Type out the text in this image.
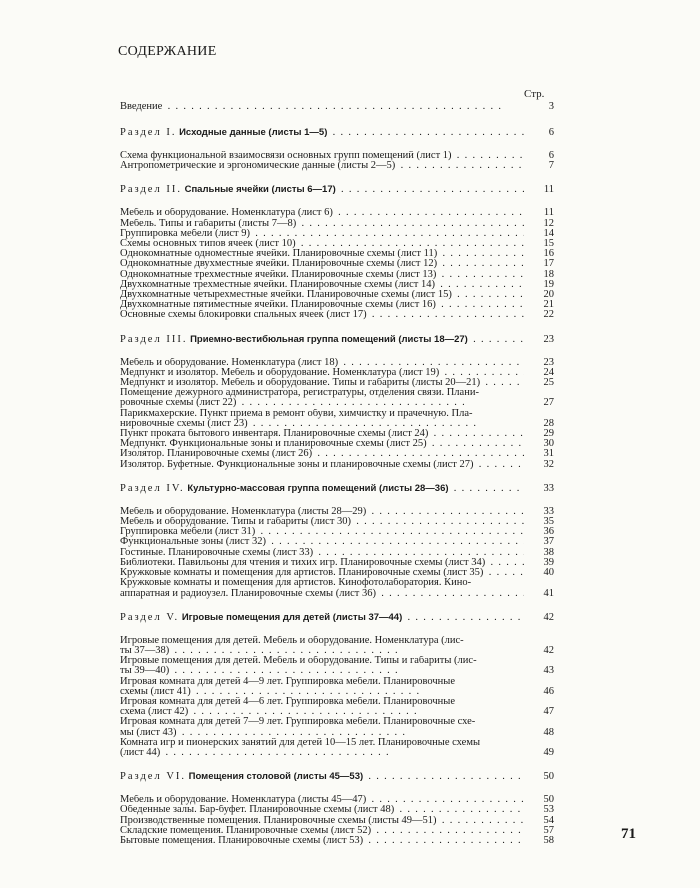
СОДЕРЖАНИЕ
Стр.
Введение . .	3
Раздел I. Исходные данные (листы 1—5) . .	6
Схема функциональной взаимосвязи основных групп помещений (лист 1) . .	6
Антропометрические и эргономические данные (листы 2—5) . .	7
Раздел II. Спальные ячейки (листы 6—17) . .	11
Мебель и оборудование. Номенклатура (лист 6) . .	11
Мебель. Типы и габариты (листы 7—8) . .	12
Группировка мебели (лист 9) . .	14
Схемы основных типов ячеек (лист 10) . .	15
Однокомнатные одноместные ячейки. Планировочные схемы (лист 11) . .	16
Однокомнатные двухместные ячейки. Планировочные схемы (лист 12) . .	17
Однокомнатные трехместные ячейки. Планировочные схемы (лист 13) . .	18
Двухкомнатные трехместные ячейки. Планировочные схемы (лист 14) . .	19
Двухкомнатные четырехместные ячейки. Планировочные схемы (лист 15) . .	20
Двухкомнатные пятиместные ячейки. Планировочные схемы (лист 16) . .	21
Основные схемы блокировки спальных ячеек (лист 17) . .	22
Раздел III. Приемно-вестибюльная группа помещений (листы 18—27) . .	23
Мебель и оборудование. Номенклатура (лист 18) . .	23
Медпункт и изолятор. Мебель и оборудование. Номенклатура (лист 19) . .	24
Медпункт и изолятор. Мебель и оборудование. Типы и габариты (листы 20—21) . .	25
Помещение дежурного администратора, регистратуры, отделения связи. Плани-
ровочные схемы (лист 22) . .	27
Парикмахерские. Пункт приема в ремонт обуви, химчистку и прачечную. Пла-
нировочные схемы (лист 23) . .	28
Пункт проката бытового инвентаря. Планировочные схемы (лист 24) . .	29
Медпункт. Функциональные зоны и планировочные схемы (лист 25) . .	30
Изолятор. Планировочные схемы (лист 26) . .	31
Изолятор. Буфетные. Функциональные зоны и планировочные схемы (лист 27) . .	32
Раздел IV. Культурно-массовая группа помещений (листы 28—36) . .	33
Мебель и оборудование. Номенклатура (листы 28—29) . .	33
Мебель и оборудование. Типы и габариты (лист 30) . .	35
Группировка мебели (лист 31) . .	36
Функциональные зоны (лист 32) . .	37
Гостиные. Планировочные схемы (лист 33) . .	38
Библиотеки. Павильоны для чтения и тихих игр. Планировочные схемы (лист 34) . .	39
Кружковые комнаты и помещения для артистов. Планировочные схемы (лист 35) . .	40
Кружковые комнаты и помещения для артистов. Кинофотолаборатория. Кино-
аппаратная и радиоузел. Планировочные схемы (лист 36) . .	41
Раздел V. Игровые помещения для детей (листы 37—44) . .	42
Игровые помещения для детей. Мебель и оборудование. Номенклатура (лис-
ты 37—38) . .	42
Игровые помещения для детей. Мебель и оборудование. Типы и габариты (лис-
ты 39—40) . .	43
Игровая комната для детей 4—9 лет. Группировка мебели. Планировочные
схемы (лист 41) . .	46
Игровая комната для детей 4—6 лет. Группировка мебели. Планировочные
схема (лист 42) . .	47
Игровая комната для детей 7—9 лет. Группировка мебели. Планировочные схе-
мы (лист 43) . .	48
Комната игр и пионерских занятий для детей 10—15 лет. Планировочные схемы
(лист 44) . .	49
Раздел VI. Помещения столовой (листы 45—53) . .	50
Мебель и оборудование. Номенклатура (листы 45—47) . .	50
Обеденные залы. Бар-буфет. Планировочные схемы (лист 48) . .	53
Производственные помещения. Планировочные схемы (листы 49—51) . .	54
Складские помещения. Планировочные схемы (лист 52) . .	57
Бытовые помещения. Планировочные схемы (лист 53) . .	58	71
